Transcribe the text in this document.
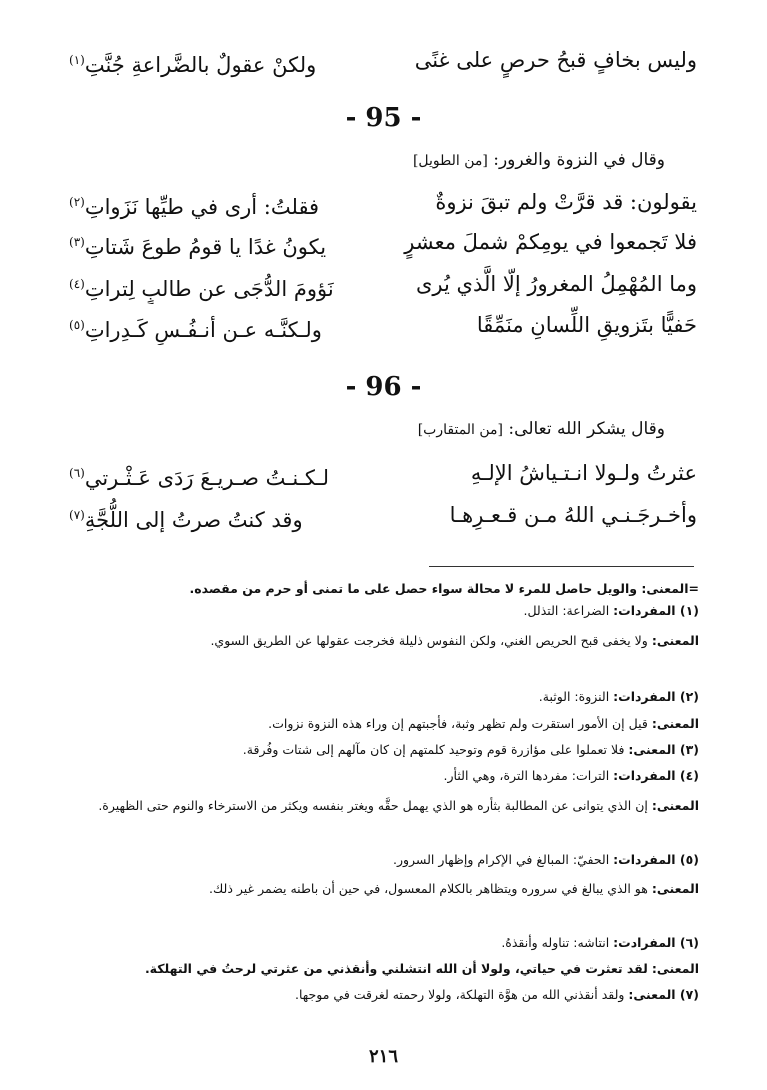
وليس بخافٍ قبحُ حرصٍ على غنًى
ولكنْ عقولٌ بالضَّراعةِ جُنَّتِ$^{(١)}$
- 95 -
وقال في النزوة والغرور: [من الطويل]
يقولون: قد قرَّتْ ولم تبقَ نزوةٌ
فقلتُ: أرى في طيِّها نَزَواتِ$^{(٢)}$
فلا تَجمعوا في يومِكمْ شملَ معشرٍ
يكونُ غدًا يا قومُ طوعَ شَتاتِ$^{(٣)}$
وما المُهْمِلُ المغرورُ إلّا الَّذي يُرى
نَؤومَ الدُّجَى عن طالبٍ لِتراتِ$^{(٤)}$
حَفيًّا بتَزويقِ اللِّسانِ منَمِّقًا
ولـكنَّـه عـن أنـفُـسٍ كَـدِراتِ$^{(٥)}$
- 96 -
وقال يشكر الله تعالى: [من المتقارب]
عثرتُ ولـولا انـتـياشُ الإلـهِ
لـكـنـتُ صـريـعَ رَدَى عَـثْـرتي$^{(٦)}$
وأخـرجَـنـي اللهُ مـن قـعـرِهـا
وقد كنتُ صرتُ إلى اللُّجَّةِ$^{(٧)}$
=المعنى: والويل حاصل للمرء لا محالة سواء حصل على ما تمنى أو حرم من مقصده.
(١) المفردات: الضراعة: التذلل.
المعنى: ولا يخفى قبح الحريص الغني، ولكن النفوس ذليلة فخرجت عقولها عن الطريق السوي.
(٢) المفردات: النزوة: الوثبة.
المعنى: قيل إن الأمور استقرت ولم تظهر وثبة، فأجبتهم إن وراء هذه النزوة نزوات.
(٣) المعنى: فلا تعملوا على مؤازرة قوم وتوحيد كلمتهم إن كان مآلهم إلى شتات وفُرقة.
(٤) المفردات: الترات: مفردها الترة، وهي الثأر.
المعنى: إن الذي يتوانى عن المطالبة بثأره هو الذي يهمل حقَّه ويغتر بنفسه ويكثر من الاسترخاء والنوم حتى الظهيرة.
(٥) المفردات: الحفيّ: المبالغ في الإكرام وإظهار السرور.
المعنى: هو الذي يبالغ في سروره ويتظاهر بالكلام المعسول، في حين أن باطنه يضمر غير ذلك.
(٦) المفرادت: انتاشه: تناوله وأنقذهُ.
المعنى: لقد تعثرت في حياتي، ولولا أن الله انتشلني وأنقذني من عثرتي لرحتُ في التهلكة.
(٧) المعنى: ولقد أنقذني الله من هوَّة التهلكة، ولولا رحمته لغرقت في موجها.
٢١٦
